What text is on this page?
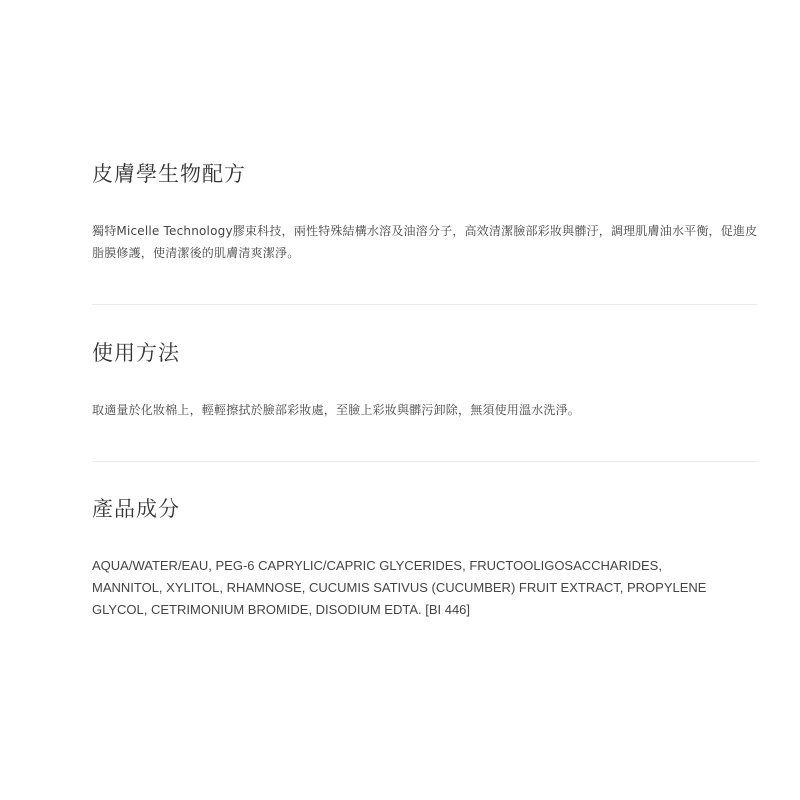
皮膚學生物配方

獨特Micelle Technology膠束科技，兩性特殊結構水溶及油溶分子，高效清潔臉部彩妝與髒汙，調理肌膚油水平衡，促進皮脂膜修護，使清潔後的肌膚清爽潔淨。

使用方法

取適量於化妝棉上，輕輕擦拭於臉部彩妝處，至臉上彩妝與髒污卸除，無須使用溫水洗淨。

產品成分

AQUA/WATER/EAU, PEG-6 CAPRYLIC/CAPRIC GLYCERIDES, FRUCTOOLIGOSACCHARIDES, MANNITOL, XYLITOL, RHAMNOSE, CUCUMIS SATIVUS (CUCUMBER) FRUIT EXTRACT, PROPYLENE GLYCOL, CETRIMONIUM BROMIDE, DISODIUM EDTA. [BI 446]
